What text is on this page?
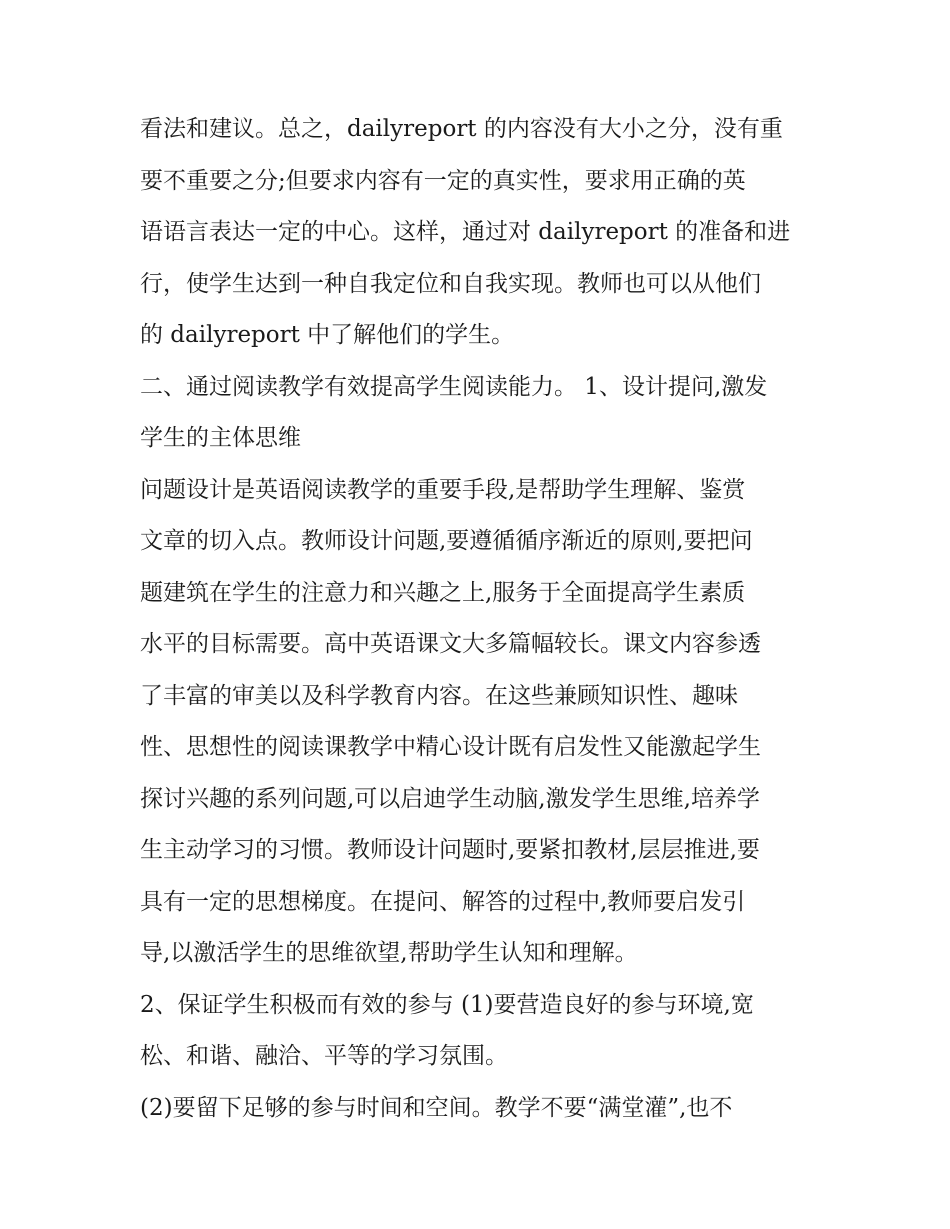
看法和建议。总之，dailyreport 的内容没有大小之分，没有重
要不重要之分;但要求内容有一定的真实性，要求用正确的英
语语言表达一定的中心。这样，通过对 dailyreport 的准备和进
行，使学生达到一种自我定位和自我实现。教师也可以从他们
的 dailyreport 中了解他们的学生。
二、通过阅读教学有效提高学生阅读能力。 1、设计提问,激发
学生的主体思维
问题设计是英语阅读教学的重要手段,是帮助学生理解、鉴赏
文章的切入点。教师设计问题,要遵循循序渐近的原则,要把问
题建筑在学生的注意力和兴趣之上,服务于全面提高学生素质
水平的目标需要。高中英语课文大多篇幅较长。课文内容参透
了丰富的审美以及科学教育内容。在这些兼顾知识性、趣味
性、思想性的阅读课教学中精心设计既有启发性又能激起学生
探讨兴趣的系列问题,可以启迪学生动脑,激发学生思维,培养学
生主动学习的习惯。教师设计问题时,要紧扣教材,层层推进,要
具有一定的思想梯度。在提问、解答的过程中,教师要启发引
导,以激活学生的思维欲望,帮助学生认知和理解。
2、保证学生积极而有效的参与 (1)要营造良好的参与环境,宽
松、和谐、融洽、平等的学习氛围。
(2)要留下足够的参与时间和空间。教学不要“满堂灌”,也不
